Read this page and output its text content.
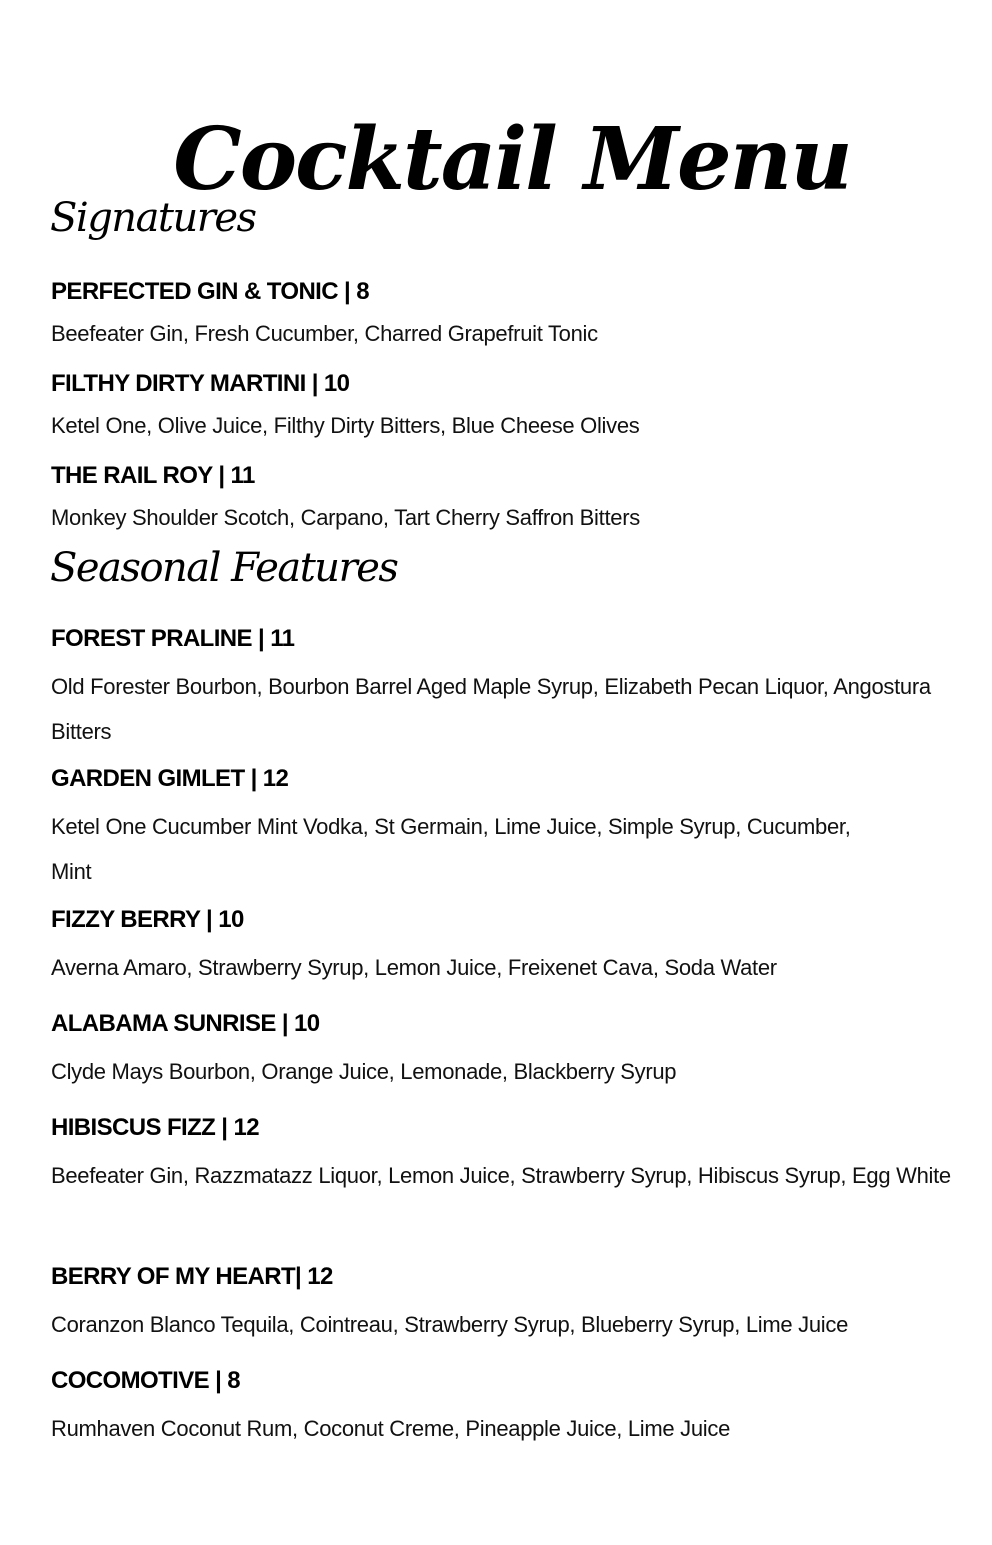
Cocktail Menu
Signatures
PERFECTED GIN & TONIC | 8
Beefeater Gin, Fresh Cucumber, Charred Grapefruit Tonic
FILTHY DIRTY MARTINI | 10
Ketel One, Olive Juice, Filthy Dirty Bitters, Blue Cheese Olives
THE RAIL ROY | 11
Monkey Shoulder Scotch, Carpano, Tart Cherry Saffron Bitters
Seasonal Features
FOREST PRALINE | 11
Old Forester Bourbon, Bourbon Barrel Aged Maple Syrup, Elizabeth Pecan Liquor, Angostura Bitters
GARDEN GIMLET | 12
Ketel One Cucumber Mint Vodka, St Germain, Lime Juice, Simple Syrup, Cucumber, Mint
FIZZY BERRY | 10
Averna Amaro, Strawberry Syrup, Lemon Juice, Freixenet Cava, Soda Water
ALABAMA SUNRISE | 10
Clyde Mays Bourbon, Orange Juice, Lemonade, Blackberry Syrup
HIBISCUS FIZZ | 12
Beefeater Gin, Razzmatazz Liquor, Lemon Juice, Strawberry Syrup, Hibiscus Syrup, Egg White
BERRY OF MY HEART| 12
Coranzon Blanco Tequila, Cointreau, Strawberry Syrup, Blueberry Syrup, Lime Juice
COCOMOTIVE | 8
Rumhaven Coconut Rum, Coconut Creme, Pineapple Juice, Lime Juice
